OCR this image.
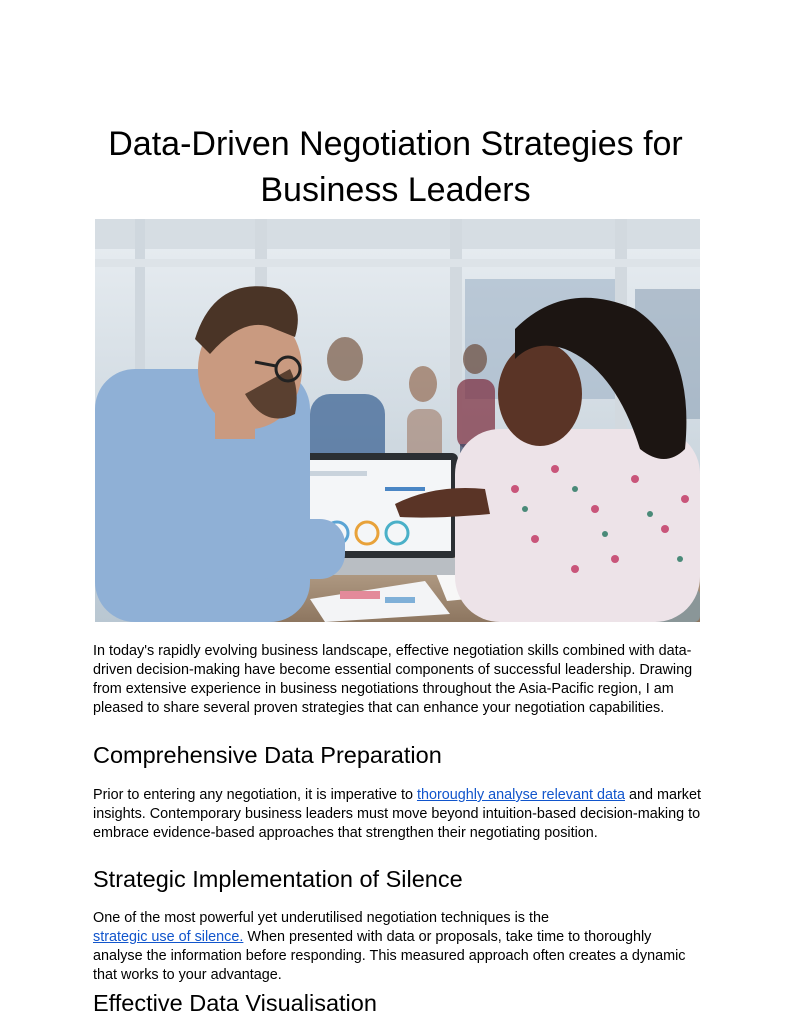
Data-Driven Negotiation Strategies for Business Leaders

In today's rapidly evolving business landscape, effective negotiation skills combined with data-driven decision-making have become essential components of successful leadership. Drawing from extensive experience in business negotiations throughout the Asia-Pacific region, I am pleased to share several proven strategies that can enhance your negotiation capabilities.

Comprehensive Data Preparation

Prior to entering any negotiation, it is imperative to thoroughly analyse relevant data and market insights. Contemporary business leaders must move beyond intuition-based decision-making to embrace evidence-based approaches that strengthen their negotiating position.

Strategic Implementation of Silence

One of the most powerful yet underutilised negotiation techniques is the strategic use of silence. When presented with data or proposals, take time to thoroughly analyse the information before responding. This measured approach often creates a dynamic that works to your advantage.

Effective Data Visualisation
